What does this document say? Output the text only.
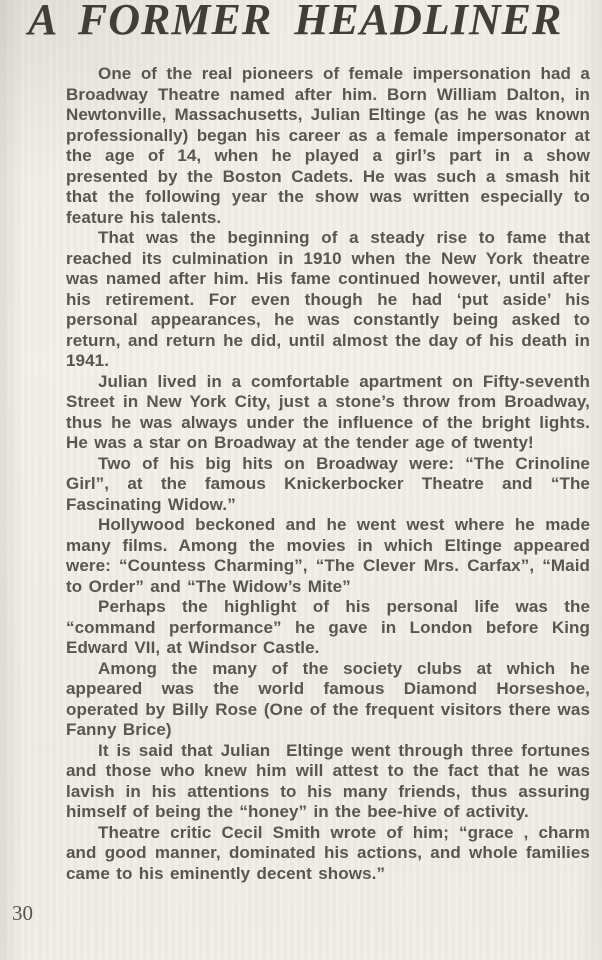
A FORMER HEADLINER

One of the real pioneers of female impersonation had a Broadway Theatre named after him. Born William Dalton, in Newtonville, Massachusetts, Julian Eltinge (as he was known professionally) began his career as a female impersonator at the age of 14, when he played a girl’s part in a show presented by the Boston Cadets. He was such a smash hit that the following year the show was written especially to feature his talents.

That was the beginning of a steady rise to fame that reached its culmination in 1910 when the New York theatre was named after him. His fame continued however, until after his retirement. For even though he had ‘put aside’ his personal appearances, he was constantly being asked to return, and return he did, until almost the day of his death in 1941.

Julian lived in a comfortable apartment on Fifty-seventh Street in New York City, just a stone’s throw from Broadway, thus he was always under the influence of the bright lights. He was a star on Broadway at the tender age of twenty!

Two of his big hits on Broadway were: “The Crinoline Girl”, at the famous Knickerbocker Theatre and “The Fascinating Widow.”

Hollywood beckoned and he went west where he made many films. Among the movies in which Eltinge appeared were: “Countess Charming”, “The Clever Mrs. Carfax”, “Maid to Order” and “The Widow’s Mite”

Perhaps the highlight of his personal life was the “command performance” he gave in London before King Edward VII, at Windsor Castle.

Among the many of the society clubs at which he appeared was the world famous Diamond Horseshoe, operated by Billy Rose (One of the frequent visitors there was Fanny Brice)

It is said that Julian  Eltinge went through three fortunes and those who knew him will attest to the fact that he was lavish in his attentions to his many friends, thus assuring himself of being the “honey” in the bee-hive of activity.

Theatre critic Cecil Smith wrote of him; “grace , charm and good manner, dominated his actions, and whole families came to his eminently decent shows.”

30
